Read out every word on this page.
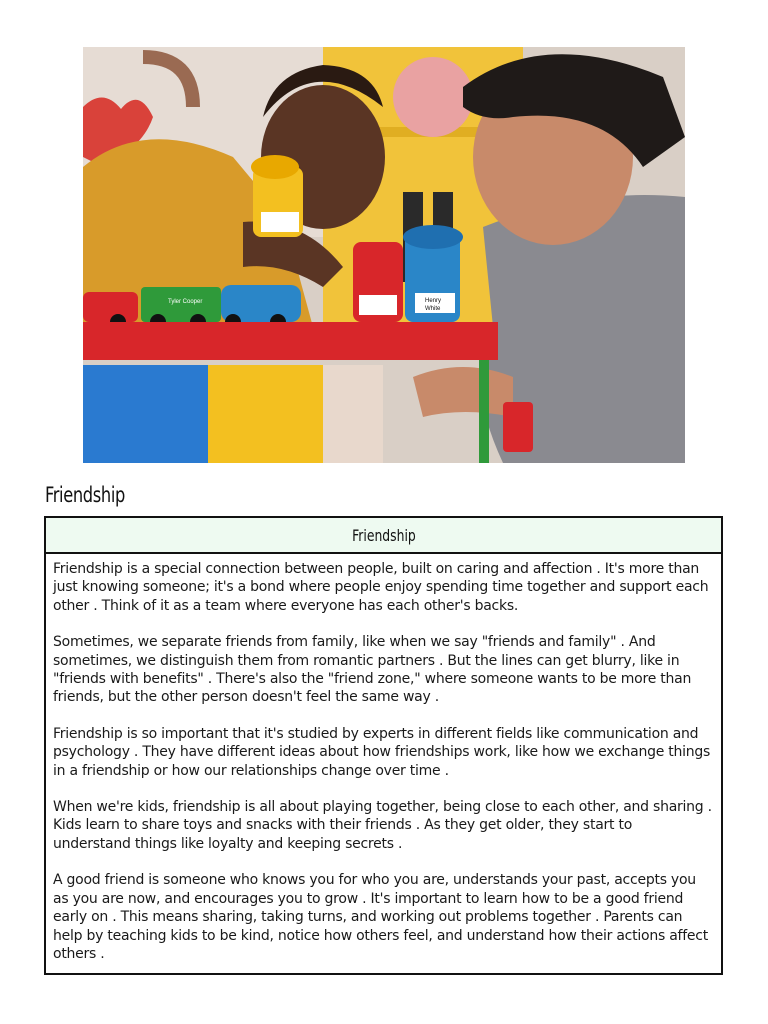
Tyler Cooper	Henry
White
Friendship
Friendship

Friendship is a special connection between people, built on caring and affection . It's more than just knowing someone; it's a bond where people enjoy spending time together and support each other . Think of it as a team where everyone has each other's backs.

Sometimes, we separate friends from family, like when we say "friends and family" . And sometimes, we distinguish them from romantic partners . But the lines can get blurry, like in "friends with benefits" . There's also the "friend zone," where someone wants to be more than friends, but the other person doesn't feel the same way .

Friendship is so important that it's studied by experts in different fields like communication and psychology . They have different ideas about how friendships work, like how we exchange things in a friendship or how our relationships change over time .

When we're kids, friendship is all about playing together, being close to each other, and sharing . Kids learn to share toys and snacks with their friends . As they get older, they start to understand things like loyalty and keeping secrets .

A good friend is someone who knows you for who you are, understands your past, accepts you as you are now, and encourages you to grow . It's important to learn how to be a good friend early on . This means sharing, taking turns, and working out problems together . Parents can help by teaching kids to be kind, notice how others feel, and understand how their actions affect others .
